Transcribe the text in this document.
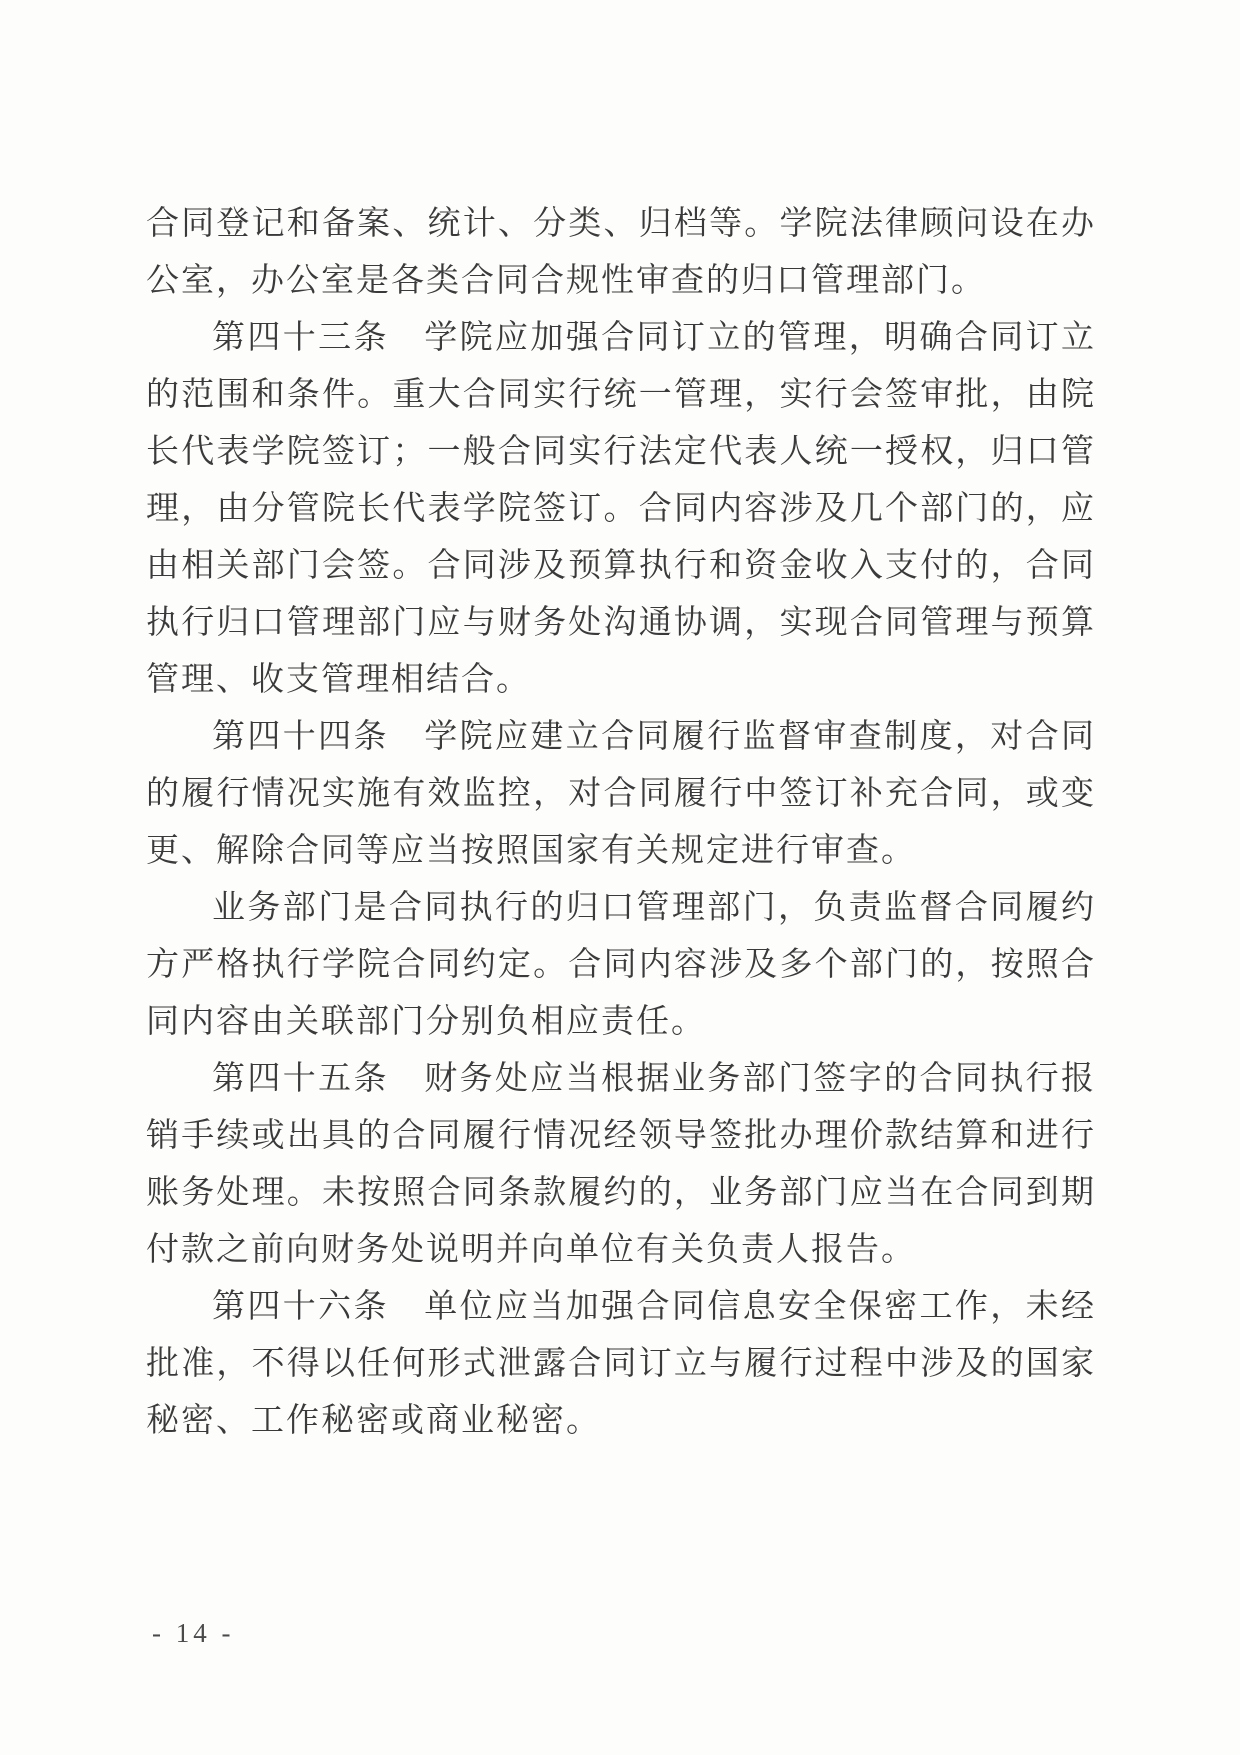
合同登记和备案、统计、分类、归档等。学院法律顾问设在办公室，办公室是各类合同合规性审查的归口管理部门。

第四十三条　学院应加强合同订立的管理，明确合同订立的范围和条件。重大合同实行统一管理，实行会签审批，由院长代表学院签订；一般合同实行法定代表人统一授权，归口管理，由分管院长代表学院签订。合同内容涉及几个部门的，应由相关部门会签。合同涉及预算执行和资金收入支付的，合同执行归口管理部门应与财务处沟通协调，实现合同管理与预算管理、收支管理相结合。

第四十四条　学院应建立合同履行监督审查制度，对合同的履行情况实施有效监控，对合同履行中签订补充合同，或变更、解除合同等应当按照国家有关规定进行审查。

业务部门是合同执行的归口管理部门，负责监督合同履约方严格执行学院合同约定。合同内容涉及多个部门的，按照合同内容由关联部门分别负相应责任。

第四十五条　财务处应当根据业务部门签字的合同执行报销手续或出具的合同履行情况经领导签批办理价款结算和进行账务处理。未按照合同条款履约的，业务部门应当在合同到期付款之前向财务处说明并向单位有关负责人报告。

第四十六条　单位应当加强合同信息安全保密工作，未经批准，不得以任何形式泄露合同订立与履行过程中涉及的国家秘密、工作秘密或商业秘密。

- 14 -
